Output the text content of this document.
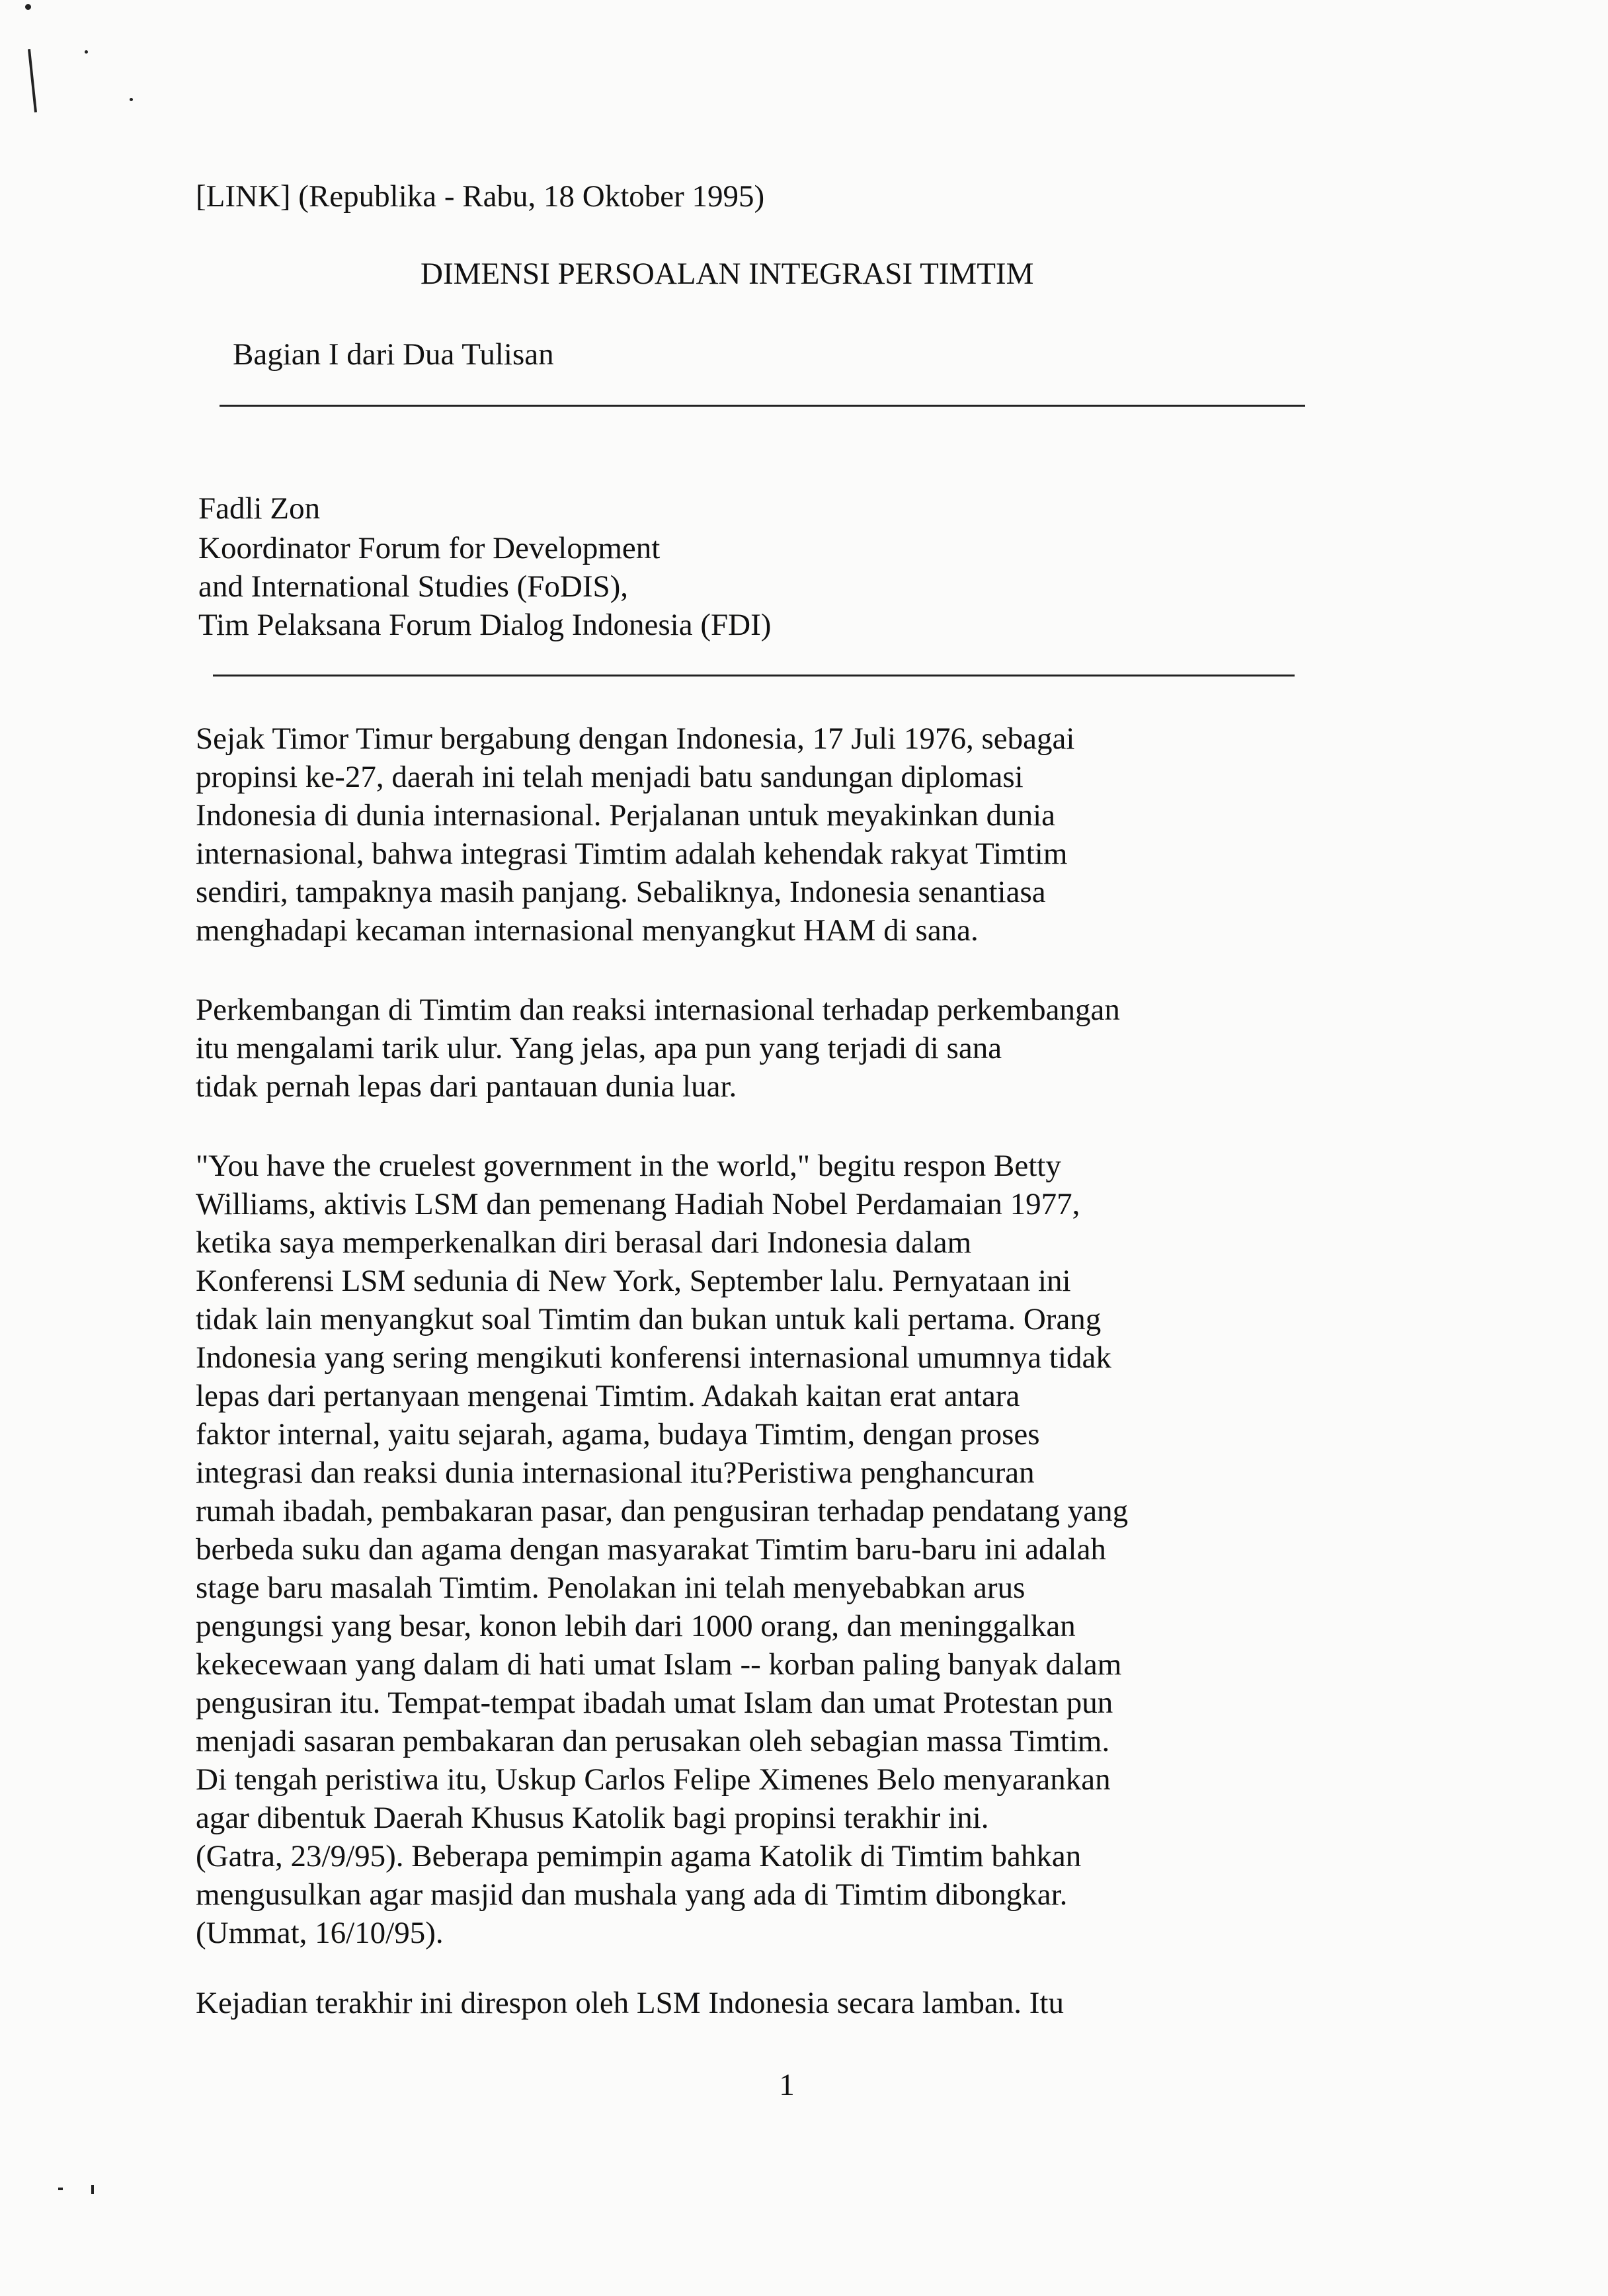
[LINK] (Republika - Rabu, 18 Oktober 1995)

DIMENSI PERSOALAN INTEGRASI TIMTIM

Bagian I dari Dua Tulisan

Fadli Zon

Koordinator Forum for Development

and International Studies (FoDIS),

Tim Pelaksana Forum Dialog Indonesia (FDI)

Sejak Timor Timur bergabung dengan Indonesia, 17 Juli 1976, sebagai
propinsi ke-27, daerah ini telah menjadi batu sandungan diplomasi
Indonesia di dunia internasional. Perjalanan untuk meyakinkan dunia
internasional, bahwa integrasi Timtim adalah kehendak rakyat Timtim
sendiri, tampaknya masih panjang. Sebaliknya, Indonesia senantiasa
menghadapi kecaman internasional menyangkut HAM di sana.
Perkembangan di Timtim dan reaksi internasional terhadap perkembangan
itu mengalami tarik ulur. Yang jelas, apa pun yang terjadi di sana
tidak pernah lepas dari pantauan dunia luar.
"You have the cruelest government in the world," begitu respon Betty
Williams, aktivis LSM dan pemenang Hadiah Nobel Perdamaian 1977,
ketika saya memperkenalkan diri berasal dari Indonesia dalam
Konferensi LSM sedunia di New York, September lalu. Pernyataan ini
tidak lain menyangkut soal Timtim dan bukan untuk kali pertama. Orang
Indonesia yang sering mengikuti konferensi internasional umumnya tidak
lepas dari pertanyaan mengenai Timtim. Adakah kaitan erat antara
faktor internal, yaitu sejarah, agama, budaya Timtim, dengan proses
integrasi dan reaksi dunia internasional itu?Peristiwa penghancuran
rumah ibadah, pembakaran pasar, dan pengusiran terhadap pendatang yang
berbeda suku dan agama dengan masyarakat Timtim baru-baru ini adalah
stage baru masalah Timtim. Penolakan ini telah menyebabkan arus
pengungsi yang besar, konon lebih dari 1000 orang, dan meninggalkan
kekecewaan yang dalam di hati umat Islam -- korban paling banyak dalam
pengusiran itu. Tempat-tempat ibadah umat Islam dan umat Protestan pun
menjadi sasaran pembakaran dan perusakan oleh sebagian massa Timtim.
Di tengah peristiwa itu, Uskup Carlos Felipe Ximenes Belo menyarankan
agar dibentuk Daerah Khusus Katolik bagi propinsi terakhir ini.
(Gatra, 23/9/95). Beberapa pemimpin agama Katolik di Timtim bahkan
mengusulkan agar masjid dan mushala yang ada di Timtim dibongkar.
(Ummat, 16/10/95).
Kejadian terakhir ini direspon oleh LSM Indonesia secara lamban. Itu
1
